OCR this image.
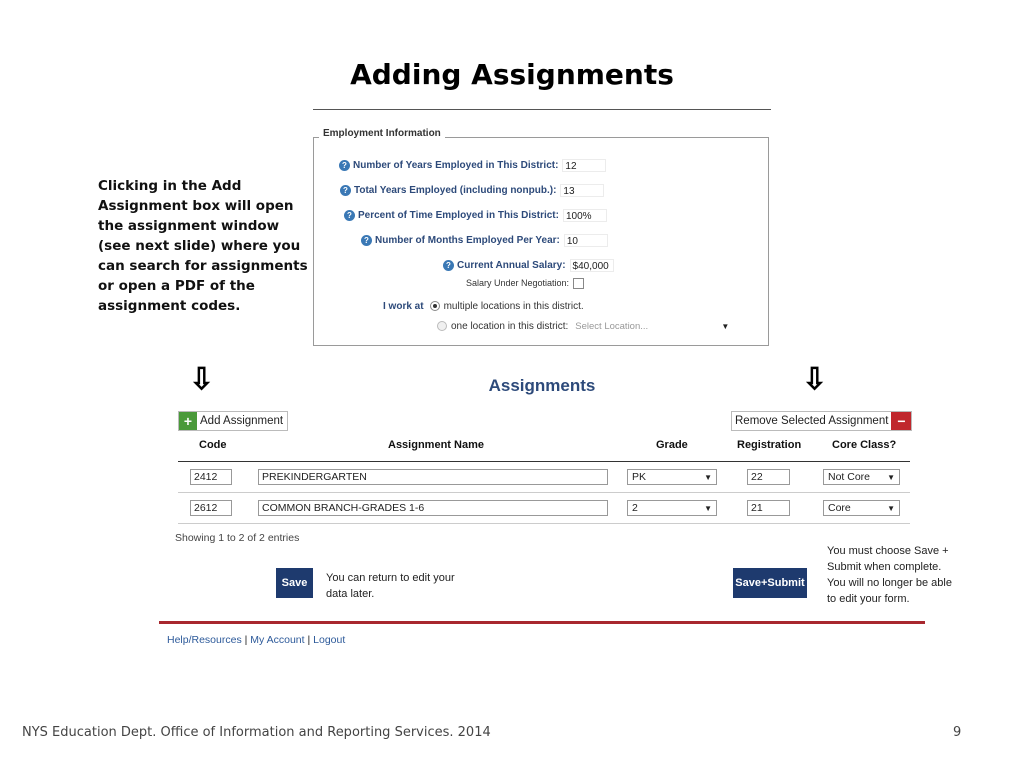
Adding Assignments
Clicking in the Add Assignment box will open the assignment window (see next slide) where you can search for assignments or open a PDF of the assignment codes.
Employment Information
? Number of Years Employed in This District: 12
? Total Years Employed (including nonpub.): 13
? Percent of Time Employed in This District: 100%
? Number of Months Employed Per Year: 10
? Current Annual Salary: $40,000
Salary Under Negotiation:
I work at multiple locations in this district.
one location in this district: Select Location...	▼
⇩	⇩
Assignments
+ Add Assignment	Remove Selected Assignment −
Code	Assignment Name	Grade	Registration	Core Class?
2412	PREKINDERGARTEN	PK	▼	22	Not Core ▼
2612	COMMON BRANCH-GRADES 1-6	2	▼	21	Core	▼
Showing 1 to 2 of 2 entries
Save	You can return to edit your data later.
Save+Submit
You must choose Save + Submit when complete. You will no longer be able to edit your form.
Help/Resources | My Account | Logout
NYS Education Dept. Office of Information and Reporting Services. 2014	9
